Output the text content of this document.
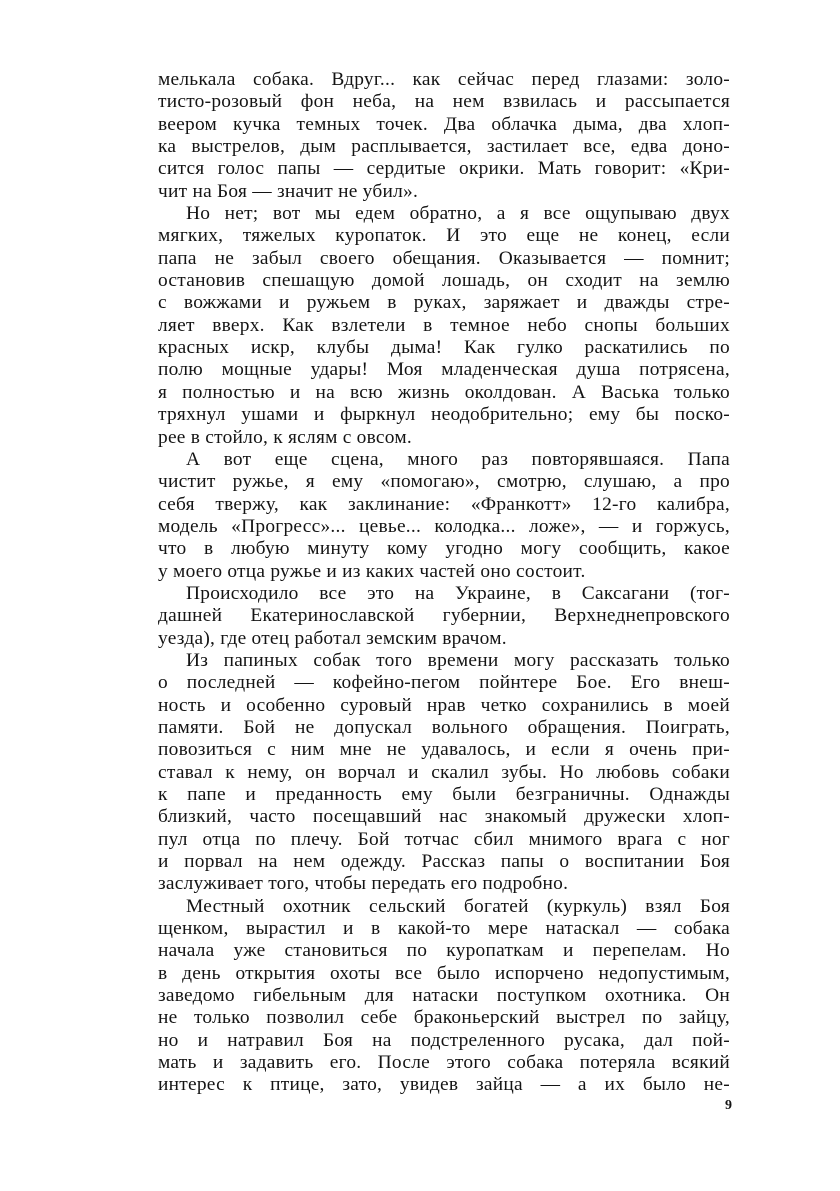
мелькала собака. Вдруг... как сейчас перед глазами: золо-
тисто-розовый фон неба, на нем взвилась и рассыпается
веером кучка темных точек. Два облачка дыма, два хлоп-
ка выстрелов, дым расплывается, застилает все, едва доно-
сится голос папы — сердитые окрики. Мать говорит: «Кри-
чит на Боя — значит не убил».
Но нет; вот мы едем обратно, а я все ощупываю двух
мягких, тяжелых куропаток. И это еще не конец, если
папа не забыл своего обещания. Оказывается — помнит;
остановив спешащую домой лошадь, он сходит на землю
с вожжами и ружьем в руках, заряжает и дважды стре-
ляет вверх. Как взлетели в темное небо снопы больших
красных искр, клубы дыма! Как гулко раскатились по
полю мощные удары! Моя младенческая душа потрясена,
я полностью и на всю жизнь околдован. А Васька только
тряхнул ушами и фыркнул неодобрительно; ему бы поско-
рее в стойло, к яслям с овсом.
А вот еще сцена, много раз повторявшаяся. Папа
чистит ружье, я ему «помогаю», смотрю, слушаю, а про
себя твержу, как заклинание: «Франкотт» 12-го калибра,
модель «Прогресс»... цевье... колодка... ложе», — и горжусь,
что в любую минуту кому угодно могу сообщить, какое
у моего отца ружье и из каких частей оно состоит.
Происходило все это на Украине, в Саксагани (тог-
дашней Екатеринославской губернии, Верхнеднепровского
уезда), где отец работал земским врачом.
Из папиных собак того времени могу рассказать только
о последней — кофейно-пегом пойнтере Бое. Его внеш-
ность и особенно суровый нрав четко сохранились в моей
памяти. Бой не допускал вольного обращения. Поиграть,
повозиться с ним мне не удавалось, и если я очень при-
ставал к нему, он ворчал и скалил зубы. Но любовь собаки
к папе и преданность ему были безграничны. Однажды
близкий, часто посещавший нас знакомый дружески хлоп-
пул отца по плечу. Бой тотчас сбил мнимого врага с ног
и порвал на нем одежду. Рассказ папы о воспитании Боя
заслуживает того, чтобы передать его подробно.
Местный охотник сельский богатей (куркуль) взял Боя
щенком, вырастил и в какой-то мере натаскал — собака
начала уже становиться по куропаткам и перепелам. Но
в день открытия охоты все было испорчено недопустимым,
заведомо гибельным для натаски поступком охотника. Он
не только позволил себе браконьерский выстрел по зайцу,
но и натравил Боя на подстреленного русака, дал пой-
мать и задавить его. После этого собака потеряла всякий
интерес к птице, зато, увидев зайца — а их было не-
9
